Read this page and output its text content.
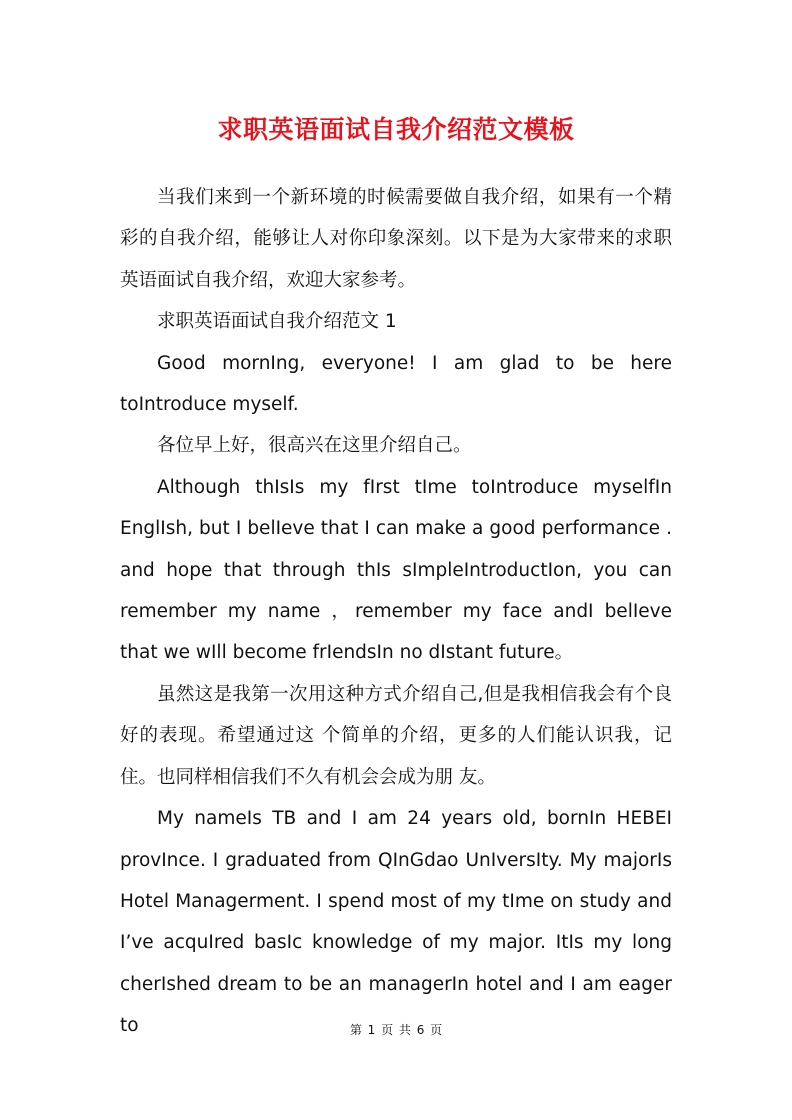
求职英语面试自我介绍范文模板

当我们来到一个新环境的时候需要做自我介绍，如果有一个精彩的自我介绍，能够让人对你印象深刻。以下是为大家带来的求职英语面试自我介绍，欢迎大家参考。

求职英语面试自我介绍范文 1

Good mornIng, everyone! I am glad to be here toIntroduce myself.

各位早上好，很高兴在这里介绍自己。

Although thIsIs my fIrst tIme toIntroduce myselfIn EnglIsh, but I belIeve that I can make a good performance . and hope that through thIs sImpleIntroductIon, you can remember my name ，remember my face andI belIeve that we wIll become frIendsIn no dIstant future。

虽然这是我第一次用这种方式介绍自己,但是我相信我会有个良好的表现。希望通过这 个简单的介绍，更多的人们能认识我，记住。也同样相信我们不久有机会会成为朋 友。

My nameIs TB and I am 24 years old, bornIn HEBEI provInce. I graduated from QInGdao UnIversIty. My majorIs Hotel Managerment. I spend most of my tIme on study and I’ve acquIred basIc knowledge of my major. ItIs my long cherIshed dream to be an managerIn hotel and I am eager to	第 1 页 共 6 页
